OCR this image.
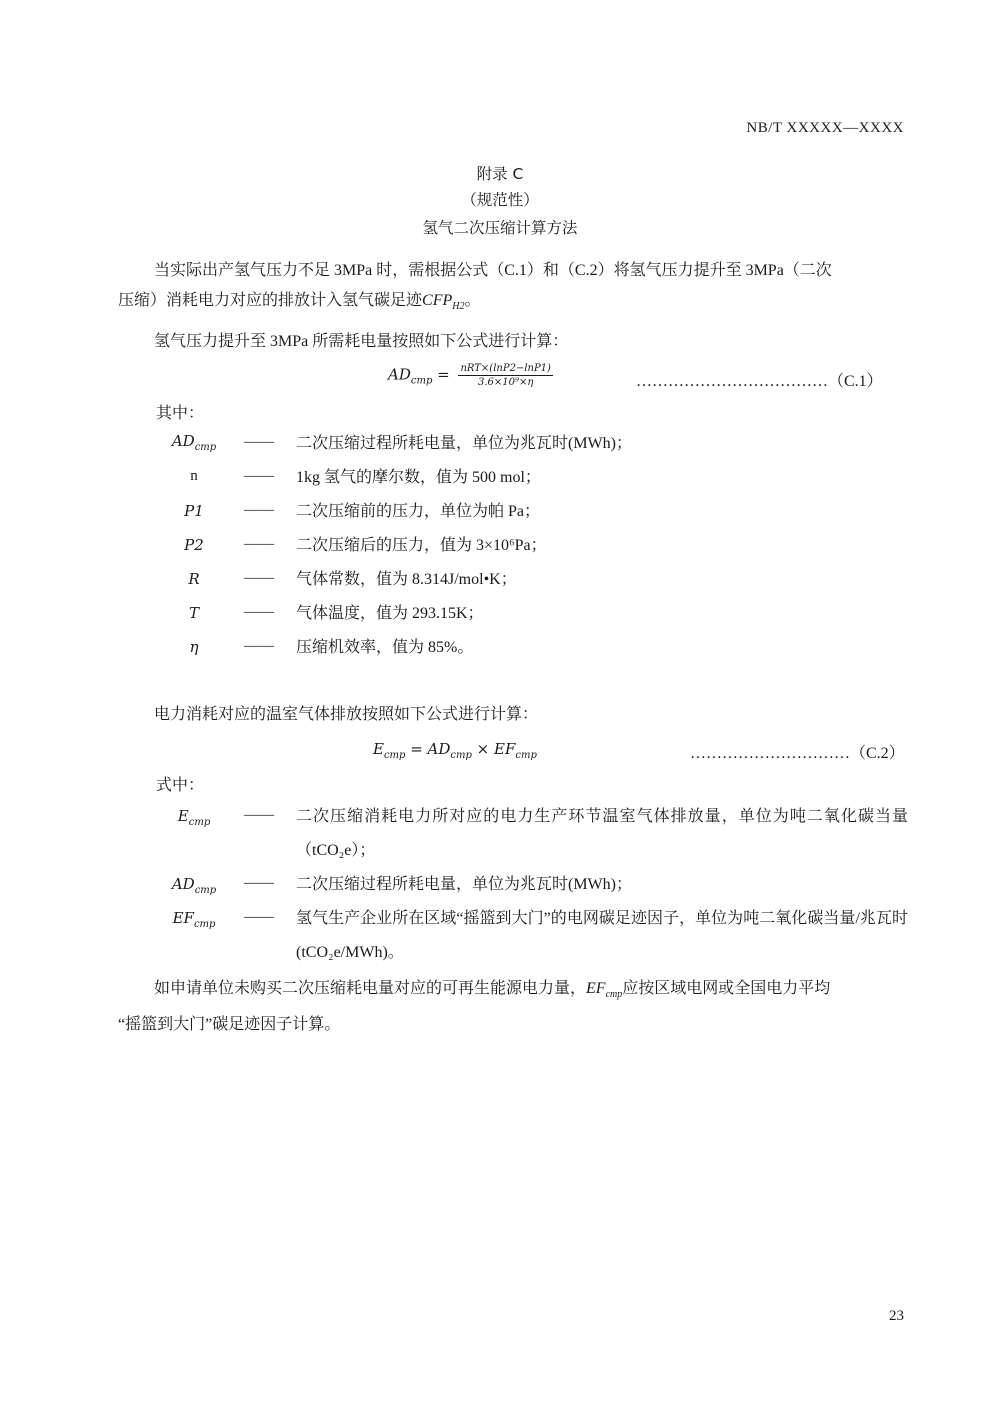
NB/T XXXXX—XXXX
附录 C
（规范性）
氢气二次压缩计算方法
当实际出产氢气压力不足 3MPa 时，需根据公式（C.1）和（C.2）将氢气压力提升至 3MPa（二次
压缩）消耗电力对应的排放计入氢气碳足迹$CFP_{H2}$。
氢气压力提升至 3MPa 所需耗电量按照如下公式进行计算：
$AD_{cmp} = \frac{\text{nRT×(lnP2−lnP1)}}{\text{3.6×10⁹×η}}$	………………………………（C.1）
其中：
$AD_{cmp}$	—— 二次压缩过程所耗电量，单位为兆瓦时(MWh)；
n	—— 1kg 氢气的摩尔数，值为 500 mol；
P1	—— 二次压缩前的压力，单位为帕 Pa；
P2	—— 二次压缩后的压力，值为 3×10⁶Pa；
R	—— 气体常数，值为 8.314J/mol•K；
T	—— 气体温度，值为 293.15K；
η	—— 压缩机效率，值为 85%。
电力消耗对应的温室气体排放按照如下公式进行计算：
$E_{cmp} = AD_{cmp} \times EF_{cmp}$	…………………………（C.2）
式中：
$E_{cmp}$	—— 二次压缩消耗电力所对应的电力生产环节温室气体排放量，单位为吨二氧化碳当量（tCO₂e）；
$AD_{cmp}$	—— 二次压缩过程所耗电量，单位为兆瓦时(MWh)；
$EF_{cmp}$	—— 氢气生产企业所在区域“摇篮到大门”的电网碳足迹因子，单位为吨二氧化碳当量/兆瓦时(tCO₂e/MWh)。
如申请单位未购买二次压缩耗电量对应的可再生能源电力量，$EF_{cmp}$应按区域电网或全国电力平均
“摇篮到大门”碳足迹因子计算。
23
